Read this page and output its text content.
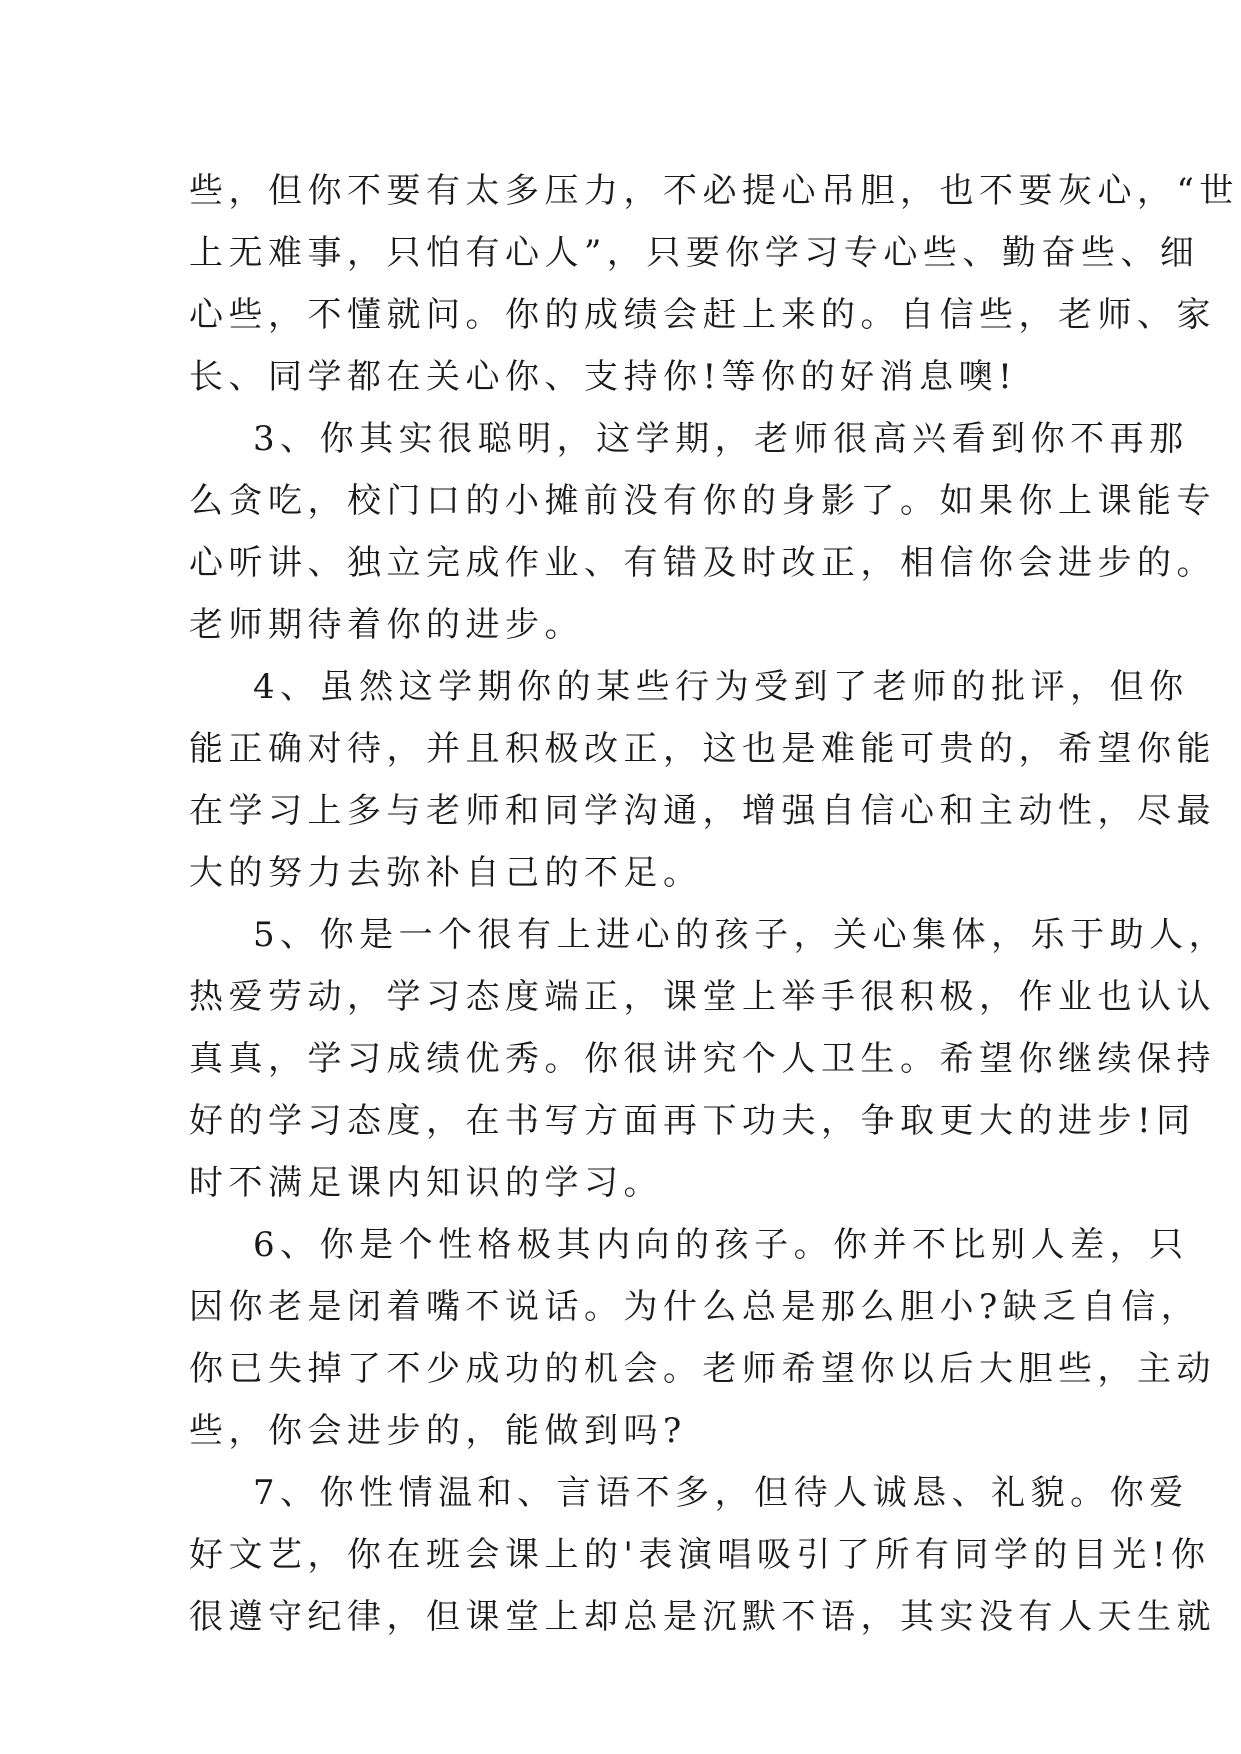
些，但你不要有太多压力，不必提心吊胆，也不要灰心，“世
上无难事，只怕有心人”，只要你学习专心些、勤奋些、细
心些，不懂就问。你的成绩会赶上来的。自信些，老师、家
长、同学都在关心你、支持你!等你的好消息噢!
3、你其实很聪明，这学期，老师很高兴看到你不再那
么贪吃，校门口的小摊前没有你的身影了。如果你上课能专
心听讲、独立完成作业、有错及时改正，相信你会进步的。
老师期待着你的进步。
4、虽然这学期你的某些行为受到了老师的批评，但你
能正确对待，并且积极改正，这也是难能可贵的，希望你能
在学习上多与老师和同学沟通，增强自信心和主动性，尽最
大的努力去弥补自己的不足。
5、你是一个很有上进心的孩子，关心集体，乐于助人，
热爱劳动，学习态度端正，课堂上举手很积极，作业也认认
真真，学习成绩优秀。你很讲究个人卫生。希望你继续保持
好的学习态度，在书写方面再下功夫，争取更大的进步!同
时不满足课内知识的学习。
6、你是个性格极其内向的孩子。你并不比别人差，只
因你老是闭着嘴不说话。为什么总是那么胆小?缺乏自信，
你已失掉了不少成功的机会。老师希望你以后大胆些，主动
些，你会进步的，能做到吗?
7、你性情温和、言语不多，但待人诚恳、礼貌。你爱
好文艺，你在班会课上的'表演唱吸引了所有同学的目光!你
很遵守纪律，但课堂上却总是沉默不语，其实没有人天生就
